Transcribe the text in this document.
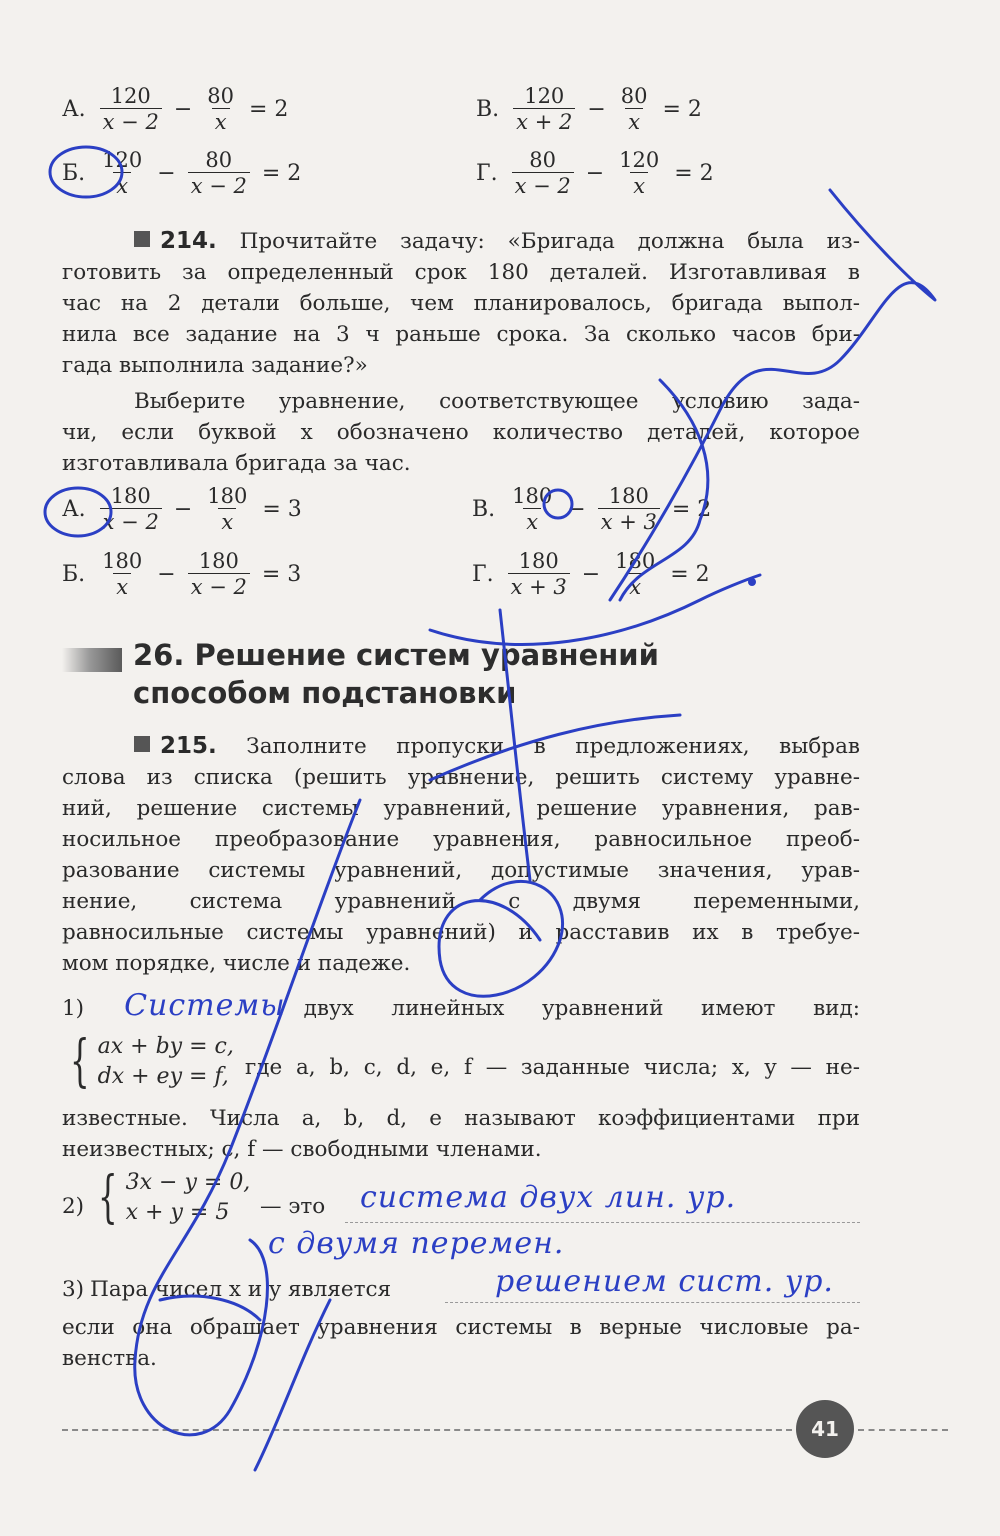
А. $\frac{120}{x - 2} - \frac{80}{x} = 2$	В. $\frac{120}{x + 2} - \frac{80}{x} = 2$
Б. $\frac{120}{x} - \frac{80}{x - 2} = 2$	Г. $\frac{80}{x - 2} - \frac{120}{x} = 2$
214. Прочитайте задачу: «Бригада должна была из-
готовить за определенный срок 180 деталей. Изготавливая в
час на 2 детали больше, чем планировалось, бригада выпол-
нила все задание на 3 ч раньше срока. За сколько часов бри-
гада выполнила задание?»
Выберите уравнение, соответствующее условию зада-
чи, если буквой x обозначено количество деталей, которое
изготавливала бригада за час.
А. $\frac{180}{x - 2} - \frac{180}{x} = 3$	В. $\frac{180}{x} - \frac{180}{x + 3} = 2$
Б. $\frac{180}{x} - \frac{180}{x - 2} = 3$	Г. $\frac{180}{x + 3} - \frac{180}{x} = 2$
26. Решение систем уравнений
способом подстановки
215. Заполните пропуски в предложениях, выбрав
слова из списка (решить уравнение, решить систему уравне-
ний, решение системы уравнений, решение уравнения, рав-
носильное преобразование уравнения, равносильное преоб-
разование системы уравнений, допустимые значения, урав-
нение, система уравнений с двумя переменными,
равносильные системы уравнений) и расставив их в требуе-
мом порядке, числе и падеже.
1) Системы двух линейных уравнений имеют вид:
{ ax + by = c,
dx + ey = f, где a, b, c, d, e, f — заданные числа; x, y — не-
известные. Числа a, b, d, e называют коэффициентами при
неизвестных; c, f — свободными членами.
2) { 3x − y = 0,
x + y = 5	— это система двух лин. ур.
с двумя перемен.
3) Пара чисел x и y является	решением сист. ур.
если она обращает уравнения системы в верные числовые ра-
венства.
41
